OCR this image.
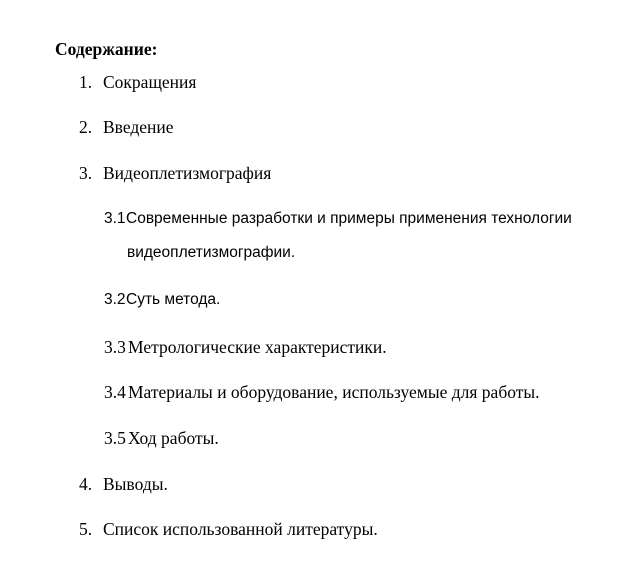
Содержание:
1. Сокращения
2. Введение
3. Видеоплетизмография
3.1 Современные разработки и примеры применения технологии
видеоплетизмографии.
3.2 Суть метода.
3.3 Метрологические характеристики.
3.4 Материалы и оборудование, используемые для работы.
3.5 Ход работы.
4. Выводы.
5. Список использованной литературы.
